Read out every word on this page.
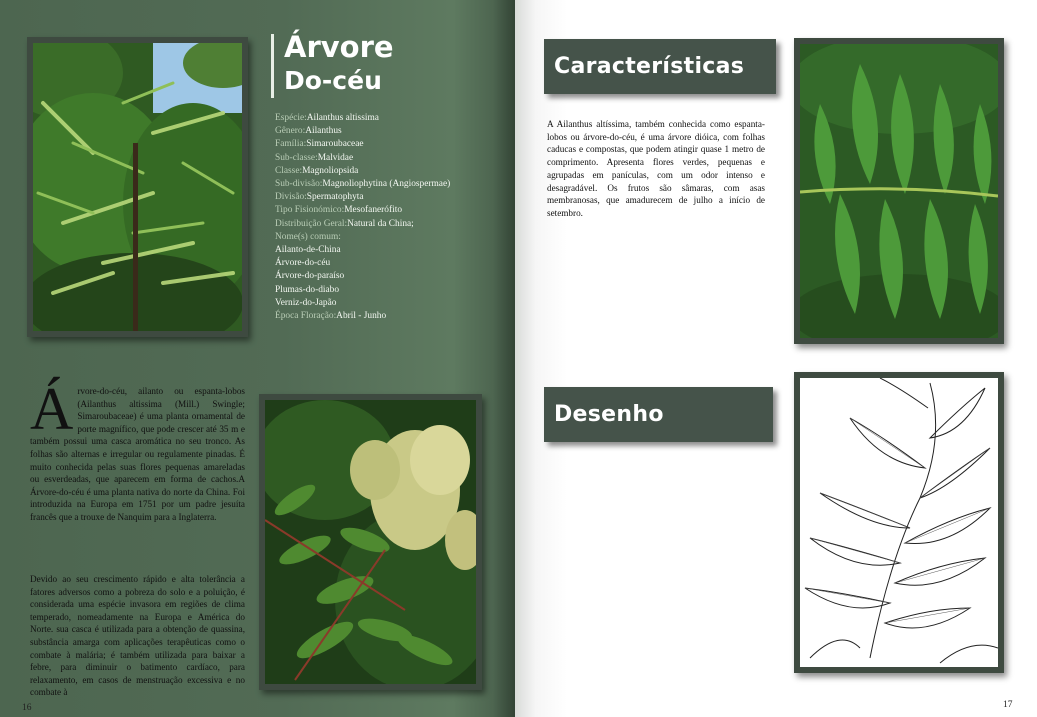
Árvore
Do-céu
Espécie:Ailanthus altissima
Gênero:Ailanthus
Família:Simaroubaceae
Sub-classe:Malvidae
Classe:Magnoliopsida
Sub-divisão:Magnoliophytina (Angiospermae)
Divisão:Spermatophyta
Tipo Fisionómico:Mesofanerófito
Distribuição Geral:Natural da China;
Nome(s) comum:
Ailanto-de-China
Árvore-do-céu
Árvore-do-paraíso
Plumas-do-diabo
Verniz-do-Japão
Época Floração:Abril - Junho
Árvore-do-céu, ailanto ou espanta-lobos (Ailanthus altissima (Mill.) Swingle; Simaroubaceae) é uma planta ornamental de porte magnífico, que pode crescer até 35 m e também possui uma casca aromática no seu tronco. As folhas são alternas e irregular ou regulamente pinadas. É muito conhecida pelas suas flores pequenas amareladas ou esverdeadas, que aparecem em forma de cachos.A Árvore-do-céu é uma planta nativa do norte da China. Foi introduzida na Europa em 1751 por um padre jesuíta francês que a trouxe de Nanquim para a Inglaterra.
Devido ao seu crescimento rápido e alta tolerância a fatores adversos como a pobreza do solo e a poluição, é considerada uma espécie invasora em regiões de clima temperado, nomeadamente na Europa e América do Norte. sua casca é utilizada para a obtenção de quassina, substância amarga com aplicações terapêuticas como o combate à malária; é também utilizada para baixar a febre, para diminuir o batimento cardíaco, para relaxamento, em casos de menstruação excessiva e no combate à
16
Características
A Ailanthus altíssima, também conhecida como espanta-lobos ou árvore-do-céu, é uma árvore dióica, com folhas caducas e compostas, que podem atingir quase 1 metro de comprimento. Apresenta flores verdes, pequenas e agrupadas em panículas, com um odor intenso e desagradável. Os frutos são sâmaras, com asas membranosas, que amadurecem de julho a início de setembro.
Desenho
17
